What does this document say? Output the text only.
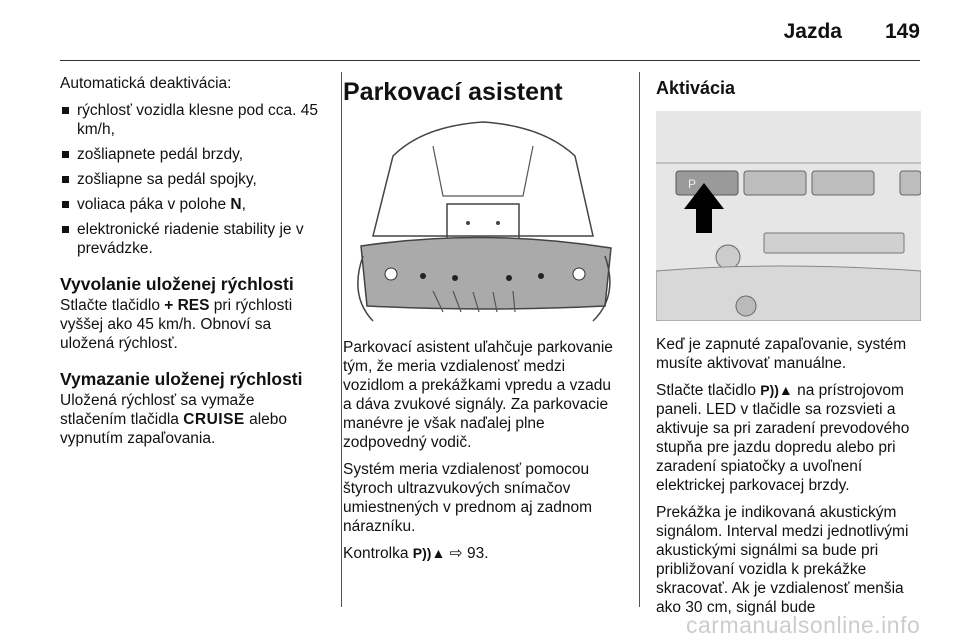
Jazda 149

Automatická deaktivácia:

rýchlosť vozidla klesne pod cca. 45 km/h,
zošliapnete pedál brzdy,
zošliapne sa pedál spojky,
voliaca páka v polohe N,
elektronické riadenie stability je v prevádzke.
Vyvolanie uloženej rýchlosti

Stlačte tlačidlo + RES pri rýchlosti vyššej ako 45 km/h. Obnoví sa uložená rýchlosť.

Vymazanie uloženej rýchlosti

Uložená rýchlosť sa vymaže stlačením tlačidla CRUISE alebo vypnutím zapaľovania.

Parkovací asistent

Parkovací asistent uľahčuje parkovanie tým, že meria vzdialenosť medzi vozidlom a prekážkami vpredu a vzadu a dáva zvukové signály. Za parkovacie manévre je však naďalej plne zodpovedný vodič.

Systém meria vzdialenosť pomocou štyroch ultrazvukových snímačov umiestnených v prednom aj zadnom nárazníku.

Kontrolka P))▲ ⇨ 93.

Aktivácia
P

Keď je zapnuté zapaľovanie, systém musíte aktivovať manuálne.

Stlačte tlačidlo P))▲ na prístrojovom paneli. LED v tlačidle sa rozsvieti a aktivuje sa pri zaradení prevodového stupňa pre jazdu dopredu alebo pri zaradení spiatočky a uvoľnení elektrickej parkovacej brzdy.

Prekážka je indikovaná akustickým signálom. Interval medzi jednotlivými akustickými signálmi sa bude pri približovaní vozidla k prekážke skracovať. Ak je vzdialenosť menšia ako 30 cm, signál bude

carmanualsonline.info
